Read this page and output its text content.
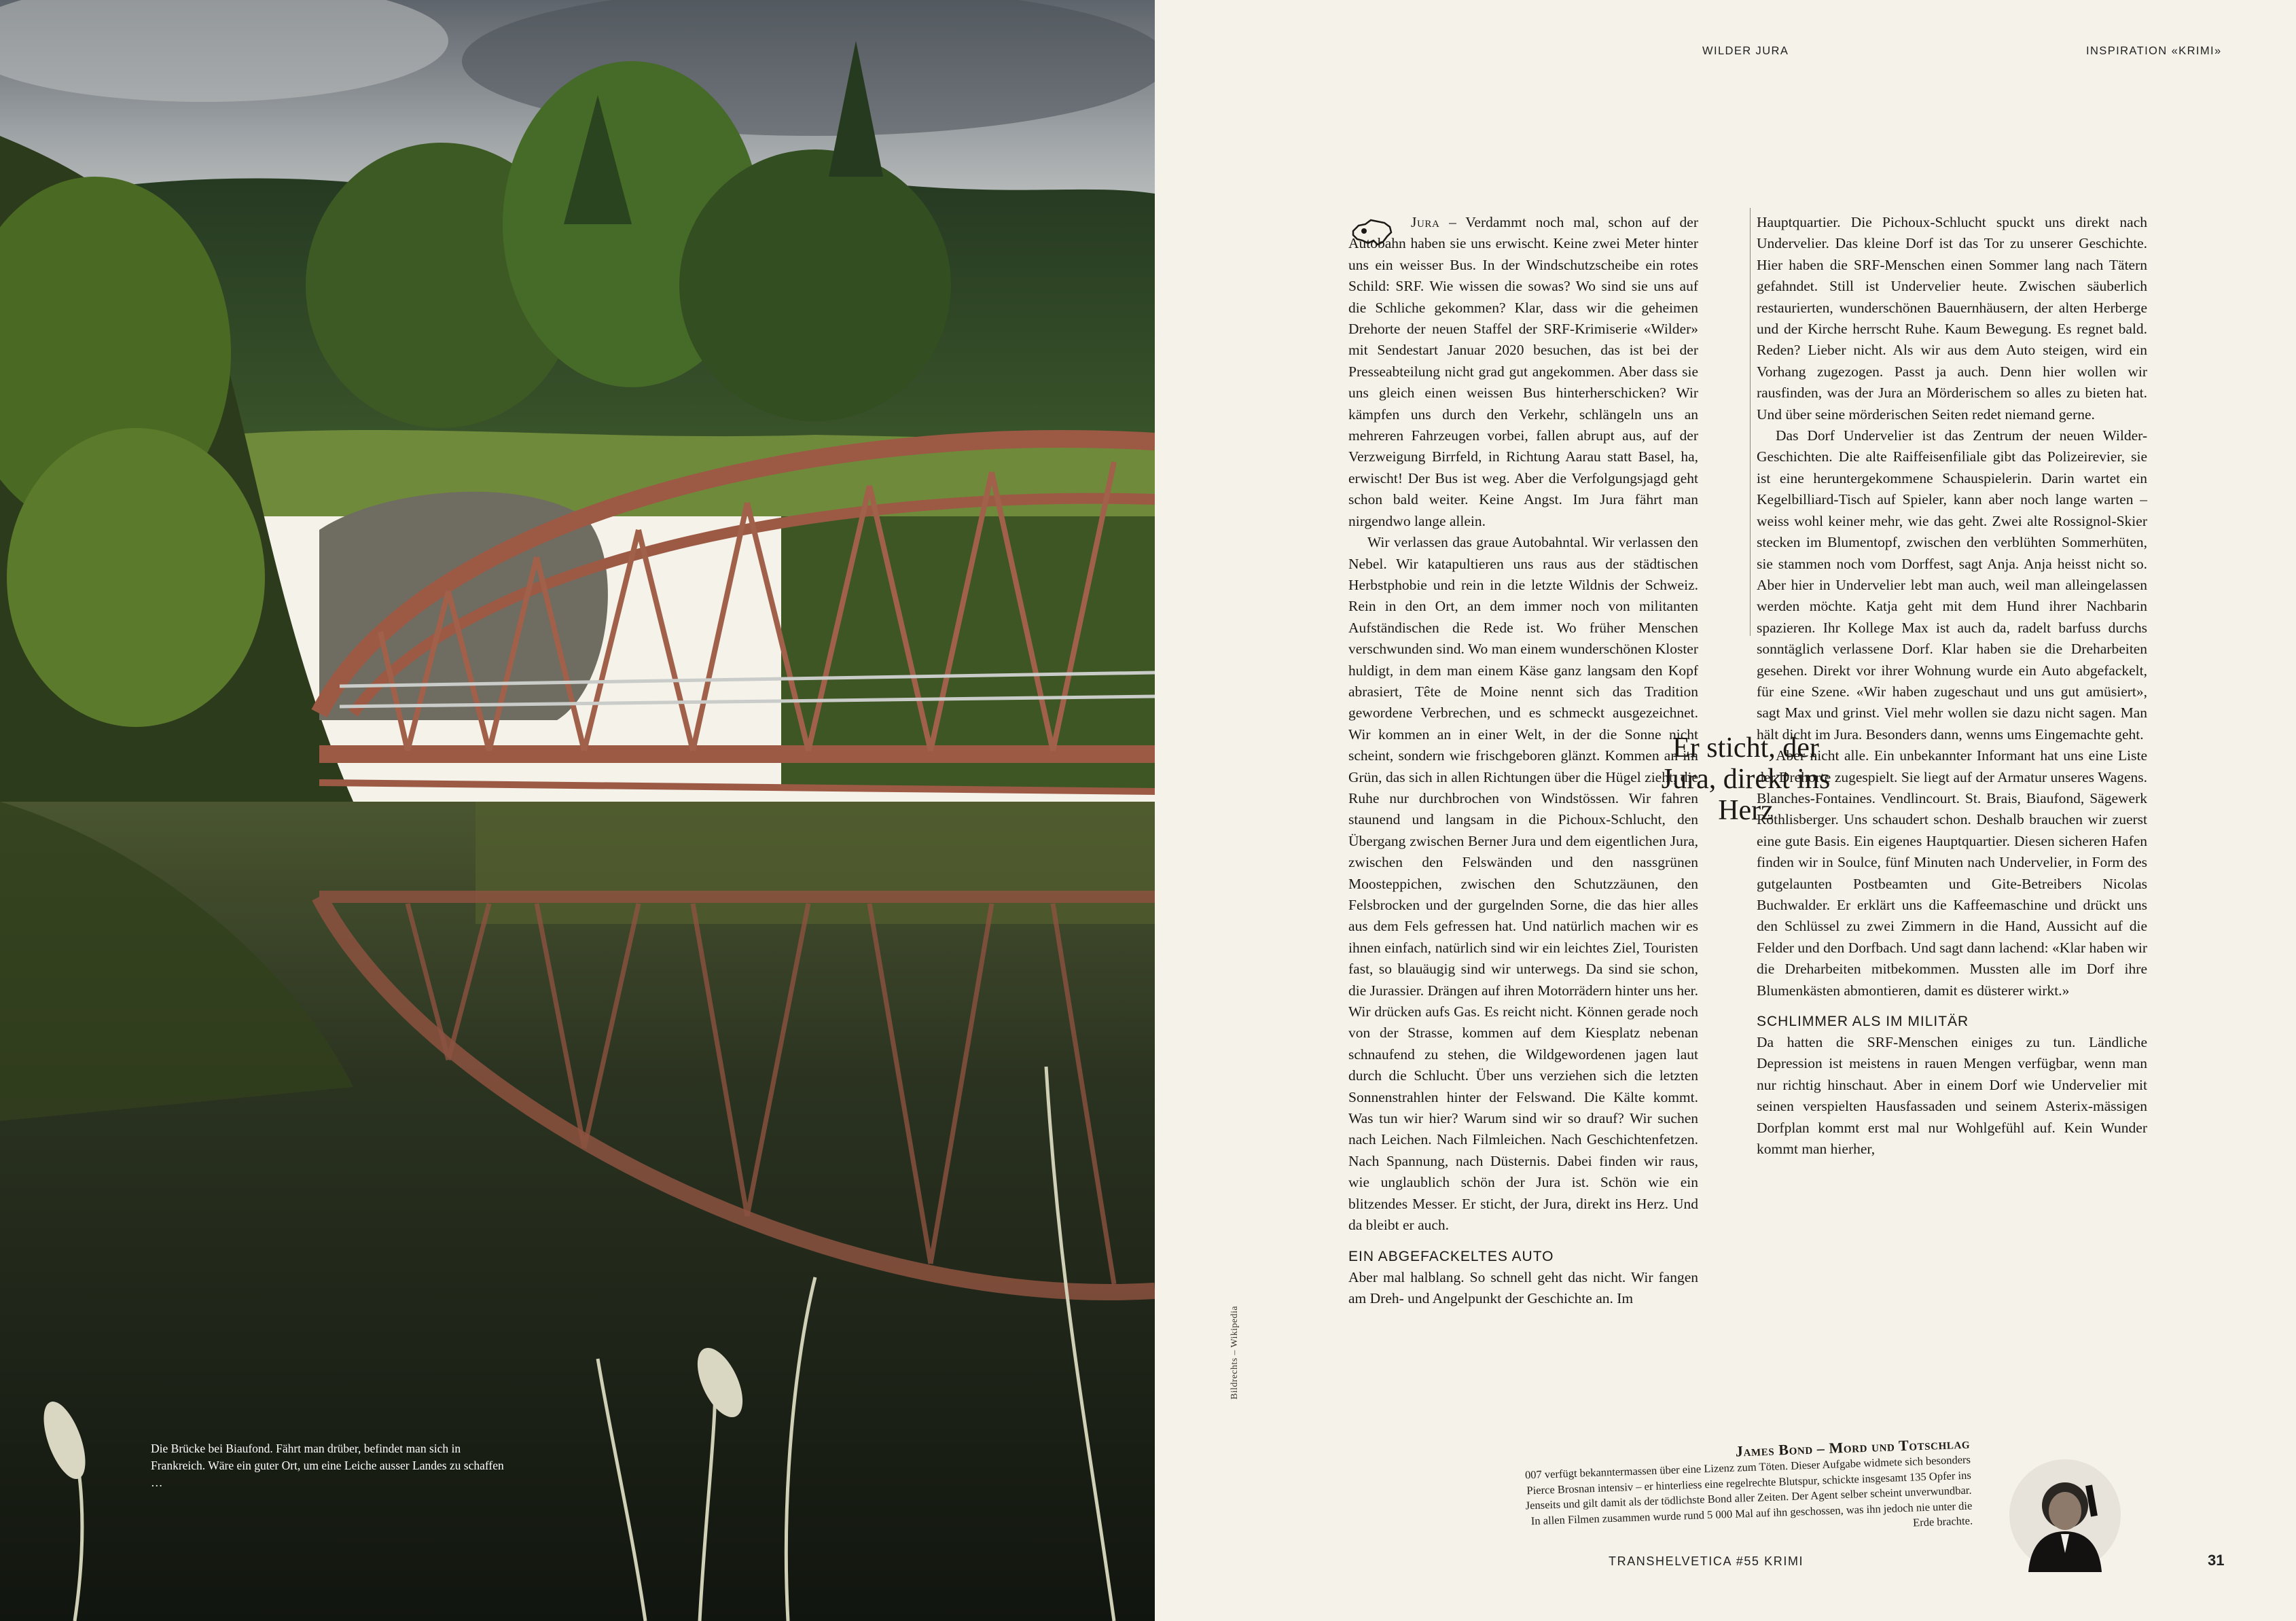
Die Brücke bei Biaufond. Fährt man drüber, befindet man sich in Frankreich. Wäre ein guter Ort, um eine Leiche ausser Landes zu schaffen …
Bildrechts – Wikipedia
WILDER JURA	INSPIRATION «KRIMI»

Jura – Verdammt noch mal, schon auf der Autobahn haben sie uns erwischt. Keine zwei Meter hinter uns ein weisser Bus. In der Windschutzscheibe ein rotes Schild: SRF. Wie wissen die sowas? Wo sind sie uns auf die Schliche gekommen? Klar, dass wir die geheimen Drehorte der neuen Staffel der SRF-Krimiserie «Wilder» mit Sendestart Januar 2020 besuchen, das ist bei der Presseabteilung nicht grad gut angekommen. Aber dass sie uns gleich einen weissen Bus hinterherschicken? Wir kämpfen uns durch den Verkehr, schlängeln uns an mehreren Fahrzeugen vorbei, fallen abrupt aus, auf der Verzweigung Birrfeld, in Richtung Aarau statt Basel, ha, erwischt! Der Bus ist weg. Aber die Verfolgungsjagd geht schon bald weiter. Keine Angst. Im Jura fährt man nirgendwo lange allein.

Wir verlassen das graue Autobahntal. Wir verlassen den Nebel. Wir katapultieren uns raus aus der städtischen Herbstphobie und rein in die letzte Wildnis der Schweiz. Rein in den Ort, an dem immer noch von militanten Aufständischen die Rede ist. Wo früher Menschen verschwunden sind. Wo man einem wunderschönen Kloster huldigt, in dem man einem Käse ganz langsam den Kopf abrasiert, Tête de Moine nennt sich das Tradition gewordene Verbrechen, und es schmeckt ausgezeichnet. Wir kommen an in einer Welt, in der die Sonne nicht scheint, sondern wie frischgeboren glänzt. Kommen an im Grün, das sich in allen Richtungen über die Hügel zieht, die Ruhe nur durchbrochen von Windstössen. Wir fahren staunend und langsam in die Pichoux-Schlucht, den Übergang zwischen Berner Jura und dem eigentlichen Jura, zwischen den Felswänden und den nassgrünen Moosteppichen, zwischen den Schutzzäunen, den Felsbrocken und der gurgelnden Sorne, die das hier alles aus dem Fels gefressen hat. Und natürlich machen wir es ihnen einfach, natürlich sind wir ein leichtes Ziel, Touristen fast, so blauäugig sind wir unterwegs. Da sind sie schon, die Jurassier. Drängen auf ihren Motorrädern hinter uns her. Wir drücken aufs Gas. Es reicht nicht. Können gerade noch von der Strasse, kommen auf dem Kiesplatz nebenan schnaufend zu stehen, die Wildgewordenen jagen laut durch die Schlucht. Über uns verziehen sich die letzten Sonnenstrahlen hinter der Felswand. Die Kälte kommt. Was tun wir hier? Warum sind wir so drauf? Wir suchen nach Leichen. Nach Filmleichen. Nach Geschichtenfetzen. Nach Spannung, nach Düsternis. Dabei finden wir raus, wie unglaublich schön der Jura ist. Schön wie ein blitzendes Messer. Er sticht, der Jura, direkt ins Herz. Und da bleibt er auch.

EIN ABGEFACKELTES AUTO

Aber mal halblang. So schnell geht das nicht. Wir fangen am Dreh- und Angelpunkt der Geschichte an. Im

Hauptquartier. Die Pichoux-Schlucht spuckt uns direkt nach Undervelier. Das kleine Dorf ist das Tor zu unserer Geschichte. Hier haben die SRF-Menschen einen Sommer lang nach Tätern gefahndet. Still ist Undervelier heute. Zwischen säuberlich restaurierten, wunderschönen Bauernhäusern, der alten Herberge und der Kirche herrscht Ruhe. Kaum Bewegung. Es regnet bald. Reden? Lieber nicht. Als wir aus dem Auto steigen, wird ein Vorhang zugezogen. Passt ja auch. Denn hier wollen wir rausfinden, was der Jura an Mörderischem so alles zu bieten hat. Und über seine mörderischen Seiten redet niemand gerne.

Das Dorf Undervelier ist das Zentrum der neuen Wilder-Geschichten. Die alte Raiffeisenfiliale gibt das Polizeirevier, sie ist eine heruntergekommene Schauspielerin. Darin wartet ein Kegelbilliard-Tisch auf Spieler, kann aber noch lange warten – weiss wohl keiner mehr, wie das geht. Zwei alte Rossignol-Skier stecken im Blumentopf, zwischen den verblühten Sommerhüten, sie stammen noch vom Dorffest, sagt Anja. Anja heisst nicht so. Aber hier in Undervelier lebt man auch, weil man alleingelassen werden möchte. Katja geht mit dem Hund ihrer Nachbarin spazieren. Ihr Kollege Max ist auch da, radelt barfuss durchs sonntäglich verlassene Dorf. Klar haben sie die Dreharbeiten gesehen. Direkt vor ihrer Wohnung wurde ein Auto abgefackelt, für eine Szene. «Wir haben zugeschaut und uns gut amüsiert», sagt Max und grinst. Viel mehr wollen sie dazu nicht sagen. Man hält dicht im Jura. Besonders dann, wenns ums Eingemachte geht.

Aber nicht alle. Ein unbekannter Informant hat uns eine Liste der Drehorte zugespielt. Sie liegt auf der Armatur unseres Wagens. Blanches-Fontaines. Vendlincourt. St. Brais, Biaufond, Sägewerk Röthlisberger. Uns schaudert schon. Deshalb brauchen wir zuerst eine gute Basis. Ein eigenes Hauptquartier. Diesen sicheren Hafen finden wir in Soulce, fünf Minuten nach Undervelier, in Form des gutgelaunten Postbeamten und Gite-Betreibers Nicolas Buchwalder. Er erklärt uns die Kaffeemaschine und drückt uns den Schlüssel zu zwei Zimmern in die Hand, Aussicht auf die Felder und den Dorfbach. Und sagt dann lachend: «Klar haben wir die Dreharbeiten mitbekommen. Mussten alle im Dorf ihre Blumenkästen abmontieren, damit es düsterer wirkt.»

SCHLIMMER ALS IM MILITÄR

Da hatten die SRF-Menschen einiges zu tun. Ländliche Depression ist meistens in rauen Mengen verfügbar, wenn man nur richtig hinschaut. Aber in einem Dorf wie Undervelier mit seinen verspielten Hausfassaden und seinem Asterix-mässigen Dorfplan kommt erst mal nur Wohlgefühl auf. Kein Wunder kommt man hierher,

Er sticht, der Jura, direkt ins Herz
James Bond – Mord und Totschlag
007 verfügt bekanntermassen über eine Lizenz zum Töten. Dieser Aufgabe widmete sich besonders Pierce Brosnan intensiv – er hinterliess eine regelrechte Blutspur, schickte insgesamt 135 Opfer ins Jenseits und gilt damit als der tödlichste Bond aller Zeiten. Der Agent selber scheint unverwundbar. In allen Filmen zusammen wurde rund 5 000 Mal auf ihn geschossen, was ihn jedoch nie unter die Erde brachte.
TRANSHELVETICA #55 KRIMI	31
